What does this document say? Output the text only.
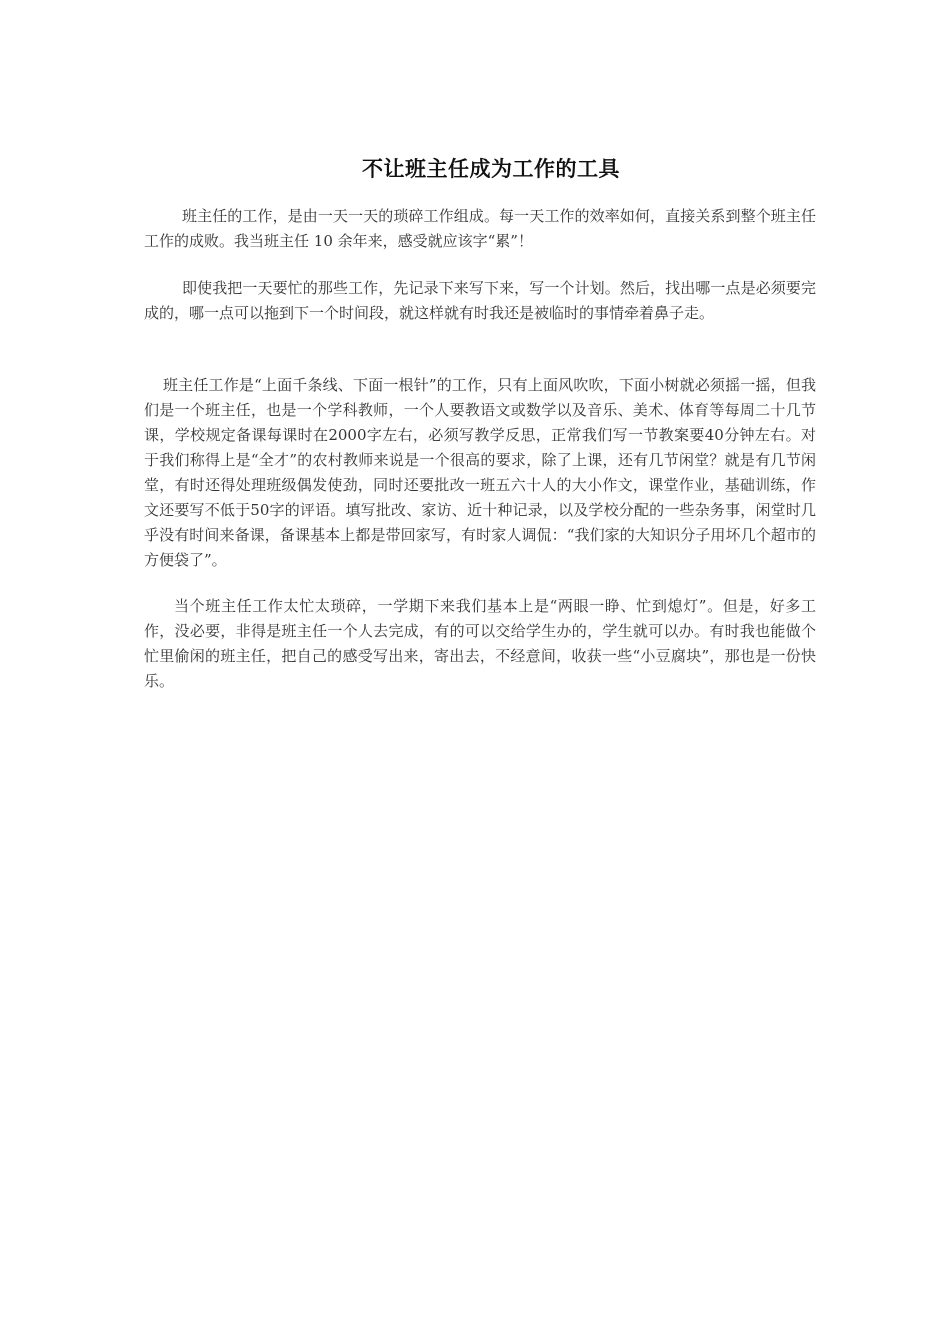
不让班主任成为工作的工具

班主任的工作，是由一天一天的琐碎工作组成。每一天工作的效率如何，直接关系到整个班主任工作的成败。我当班主任 10 余年来，感受就应该字“累”！

即使我把一天要忙的那些工作，先记录下来写下来，写一个计划。然后，找出哪一点是必须要完成的，哪一点可以拖到下一个时间段，就这样就有时我还是被临时的事情牵着鼻子走。

班主任工作是“上面千条线、下面一根针”的工作，只有上面风吹吹，下面小树就必须摇一摇，但我们是一个班主任，也是一个学科教师，一个人要教语文或数学以及音乐、美术、体育等每周二十几节课，学校规定备课每课时在2000字左右，必须写教学反思，正常我们写一节教案要40分钟左右。对于我们称得上是“全才”的农村教师来说是一个很高的要求，除了上课，还有几节闲堂？就是有几节闲堂，有时还得处理班级偶发使劲，同时还要批改一班五六十人的大小作文，课堂作业，基础训练，作文还要写不低于50字的评语。填写批改、家访、近十种记录，以及学校分配的一些杂务事，闲堂时几乎没有时间来备课，备课基本上都是带回家写，有时家人调侃：“我们家的大知识分子用坏几个超市的方便袋了”。

当个班主任工作太忙太琐碎，一学期下来我们基本上是“两眼一睁、忙到熄灯”。但是，好多工作，没必要，非得是班主任一个人去完成，有的可以交给学生办的，学生就可以办。有时我也能做个忙里偷闲的班主任，把自己的感受写出来，寄出去，不经意间，收获一些“小豆腐块”，那也是一份快乐。
